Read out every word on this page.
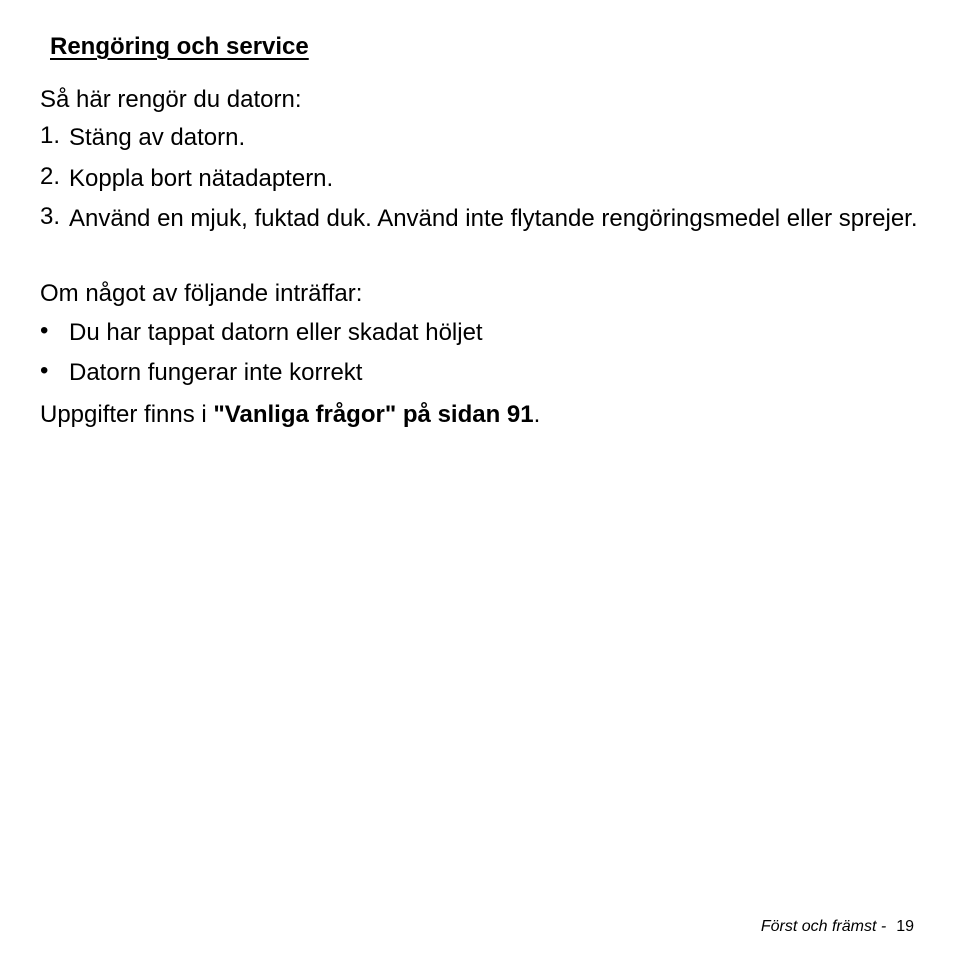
Rengöring och service
Så här rengör du datorn:
1. Stäng av datorn.
2. Koppla bort nätadaptern.
3. Använd en mjuk, fuktad duk. Använd inte flytande rengöringsmedel eller sprejer.
Om något av följande inträffar:
• Du har tappat datorn eller skadat höljet
• Datorn fungerar inte korrekt
Uppgifter finns i "Vanliga frågor" på sidan 91.
Först och främst - 19
